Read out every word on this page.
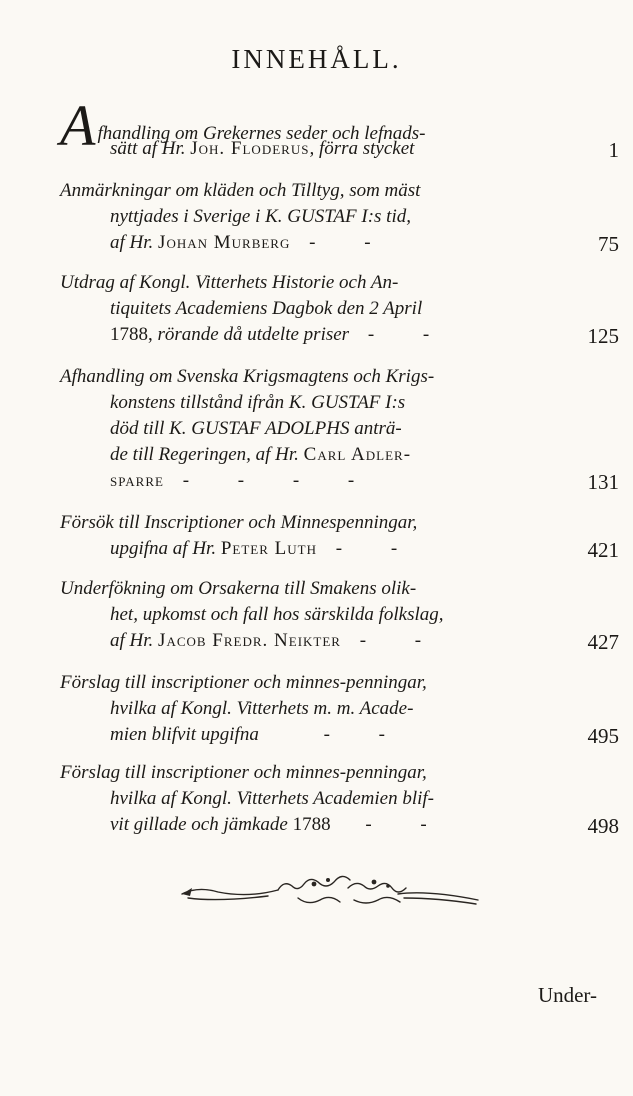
INNEHÅLL.
Afhandling om Grekernes seder och lefnads-
sätt af Hr. Joh. Floderus, förra stycket	1
Anmärkningar om kläden och Tilltyg, som mäst
nyttjades i Sverige i K. GUSTAF I:s tid,
af Hr. Johan Murberg - -	75
Utdrag af Kongl. Vitterhets Historie och An-
tiquitets Academiens Dagbok den 2 April
1788, rörande då utdelte priser - -	125
Afhandling om Svenska Krigsmagtens och Krigs-
konstens tillstånd ifrån K. GUSTAF I:s
död till K. GUSTAF ADOLPHS anträ-
de till Regeringen, af Hr. Carl Adler-
sparre - - - -	131
Försök till Inscriptioner och Minnespenningar,
upgifna af Hr. Peter Luth - -	421
Underfökning om Orsakerna till Smakens olik-
het, upkomst och fall hos särskilda folkslag,
af Hr. Jacob Fredr. Neikter - -	427
Förslag till inscriptioner och minnes-penningar,
hvilka af Kongl. Vitterhets m. m. Acade-
mien blifvit upgifna	- -	495
Förslag till inscriptioner och minnes-penningar,
hvilka af Kongl. Vitterhets Academien blif-
vit gillade och jämkade 1788 - -	498
Under-
